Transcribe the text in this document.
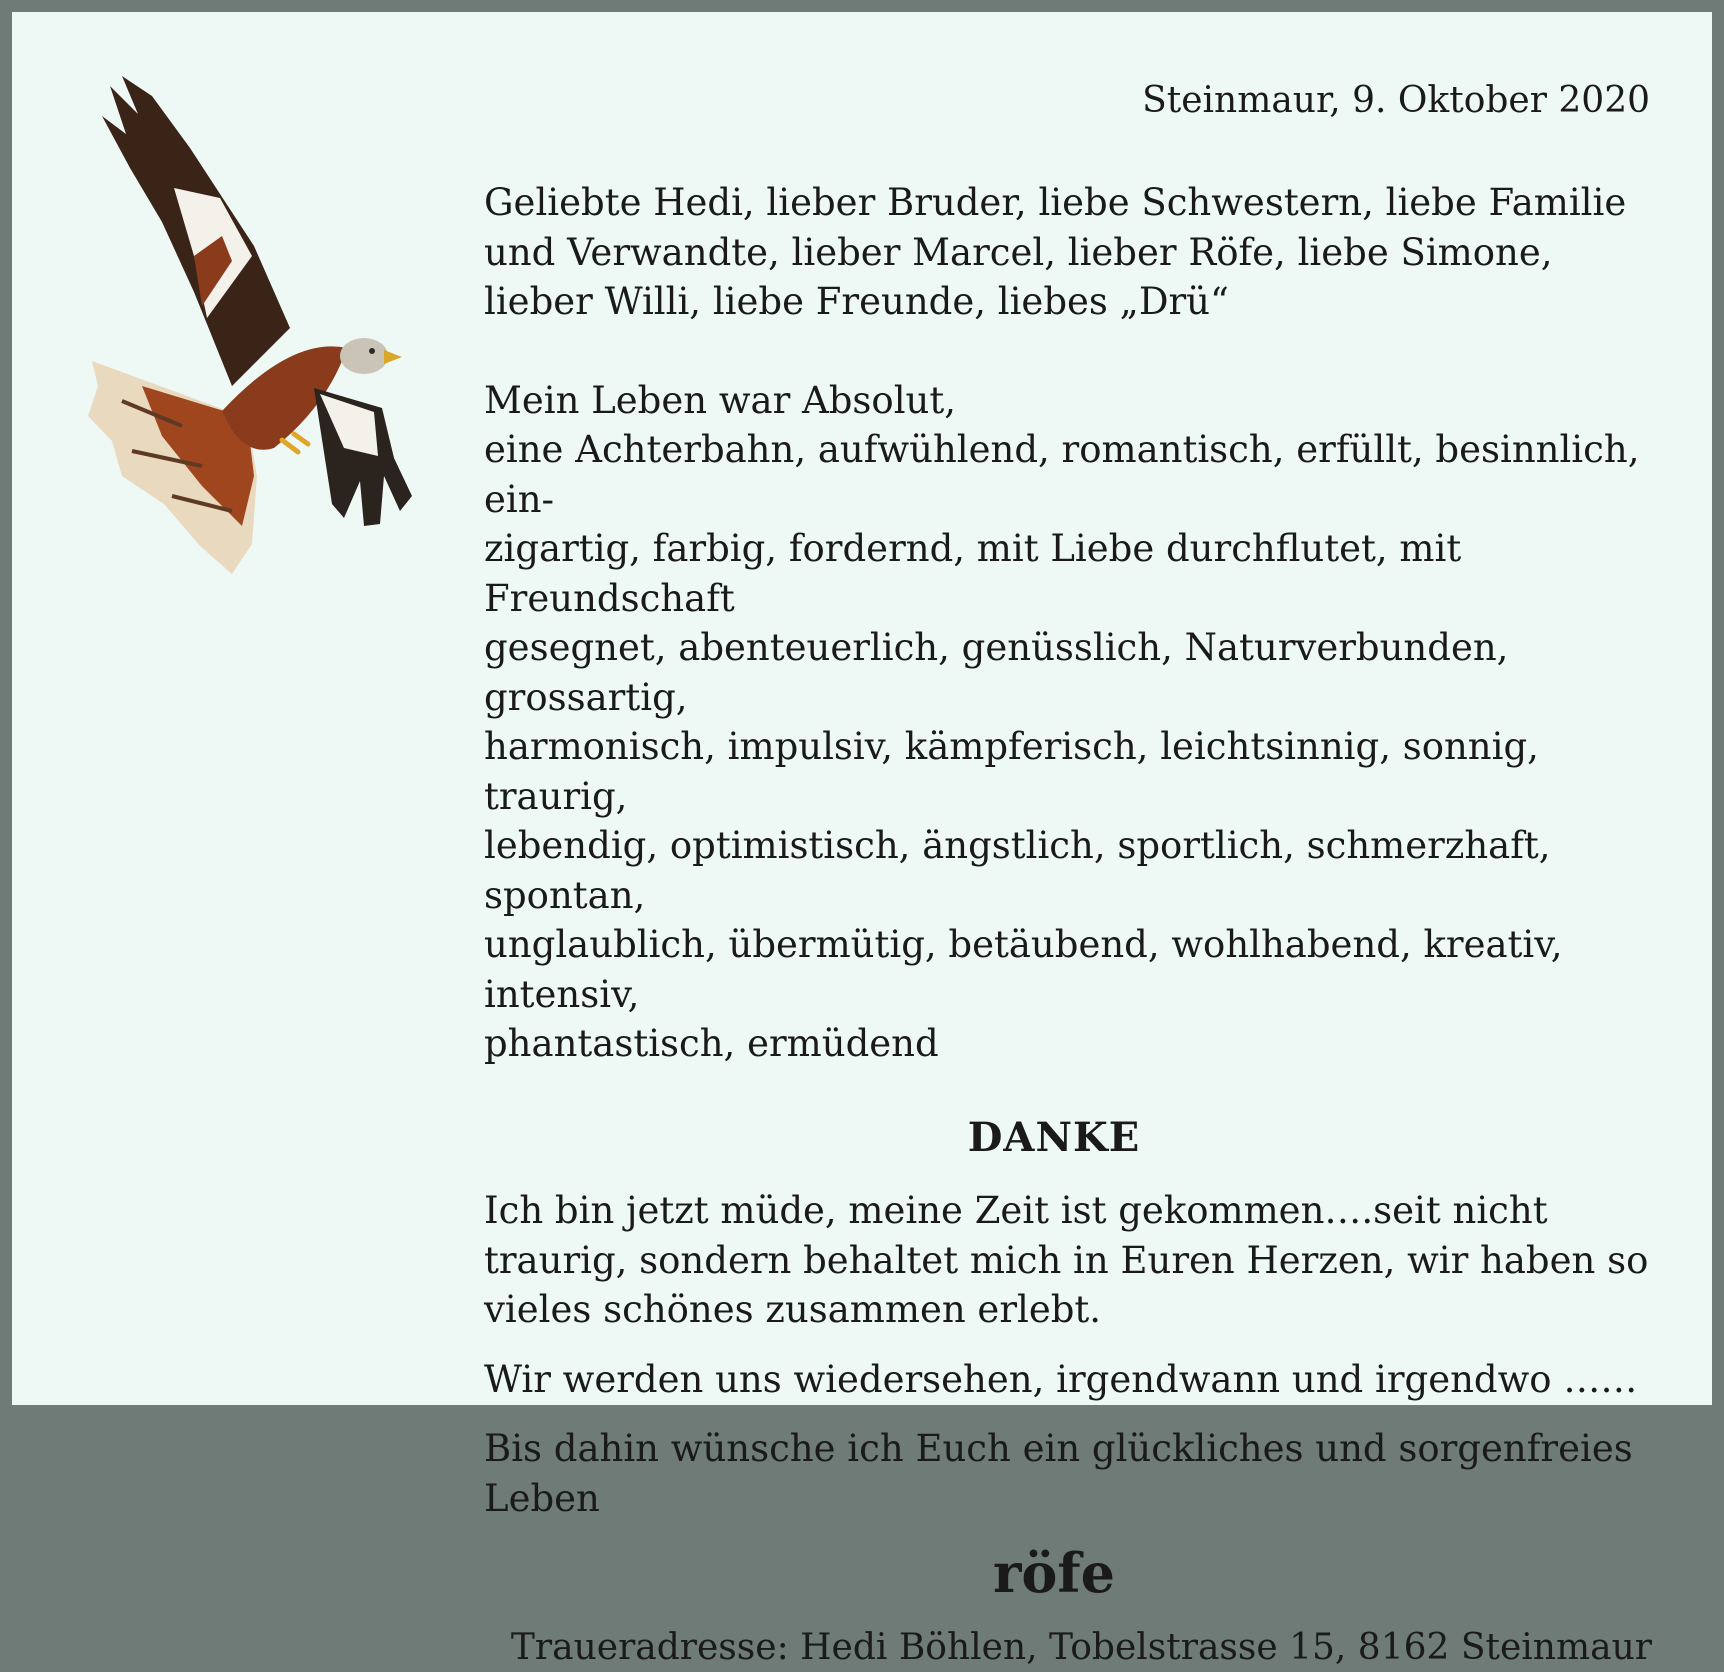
Steinmaur, 9. Oktober 2020

Geliebte Hedi, lieber Bruder, liebe Schwestern, liebe Familie und Verwandte, lieber Marcel, lieber Röfe, liebe Simone, lieber Willi, liebe Freunde, liebes „Drü“

Mein Leben war Absolut,

eine Achterbahn, aufwühlend, romantisch, erfüllt, besinnlich, ein-

zigartig, farbig, fordernd, mit Liebe durchflutet, mit Freundschaft

gesegnet, abenteuerlich, genüsslich, Naturverbunden, grossartig,

harmonisch, impulsiv, kämpferisch, leichtsinnig, sonnig, traurig,

lebendig, optimistisch, ängstlich, sportlich, schmerzhaft, spontan,

unglaublich, übermütig, betäubend, wohlhabend, kreativ, intensiv,

phantastisch, ermüdend

DANKE

Ich bin jetzt müde, meine Zeit ist gekommen….seit nicht traurig, sondern behaltet mich in Euren Herzen, wir haben so vieles schönes zusammen erlebt.

Wir werden uns wiedersehen, irgendwann und irgendwo ……

Bis dahin wünsche ich Euch ein glückliches und sorgenfreies Leben

röfe

Traueradresse: Hedi Böhlen, Tobelstrasse 15, 8162 Steinmaur
